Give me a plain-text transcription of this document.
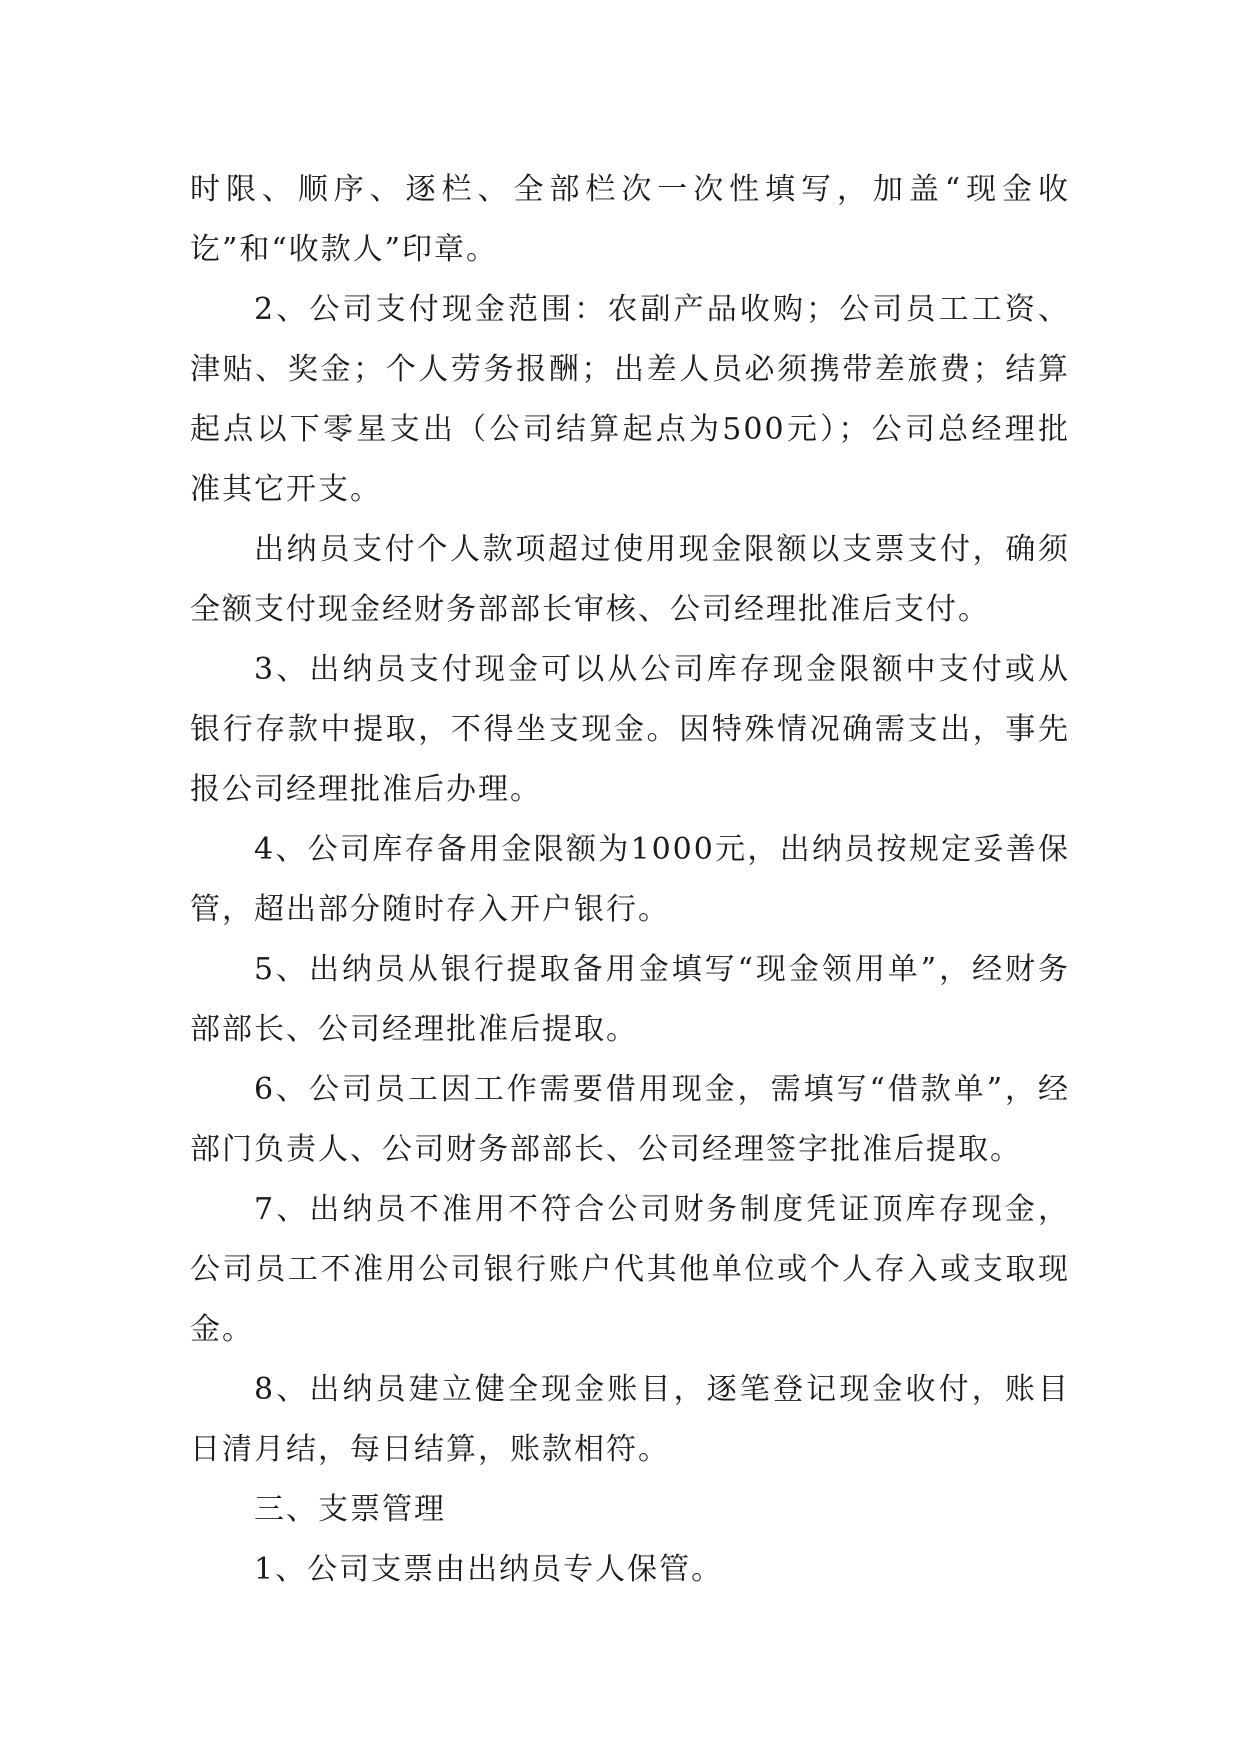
时限、顺序、逐栏、全部栏次一次性填写，加盖“现金收讫”和“收款人”印章。

2、公司支付现金范围：农副产品收购；公司员工工资、津贴、奖金；个人劳务报酬；出差人员必须携带差旅费；结算起点以下零星支出（公司结算起点为500元）；公司总经理批准其它开支。

出纳员支付个人款项超过使用现金限额以支票支付，确须全额支付现金经财务部部长审核、公司经理批准后支付。

3、出纳员支付现金可以从公司库存现金限额中支付或从银行存款中提取，不得坐支现金。因特殊情况确需支出，事先报公司经理批准后办理。

4、公司库存备用金限额为1000元，出纳员按规定妥善保管，超出部分随时存入开户银行。

5、出纳员从银行提取备用金填写“现金领用单”，经财务部部长、公司经理批准后提取。

6、公司员工因工作需要借用现金，需填写“借款单”，经部门负责人、公司财务部部长、公司经理签字批准后提取。

7、出纳员不准用不符合公司财务制度凭证顶库存现金，公司员工不准用公司银行账户代其他单位或个人存入或支取现金。

8、出纳员建立健全现金账目，逐笔登记现金收付，账目日清月结，每日结算，账款相符。

三、支票管理

1、公司支票由出纳员专人保管。
